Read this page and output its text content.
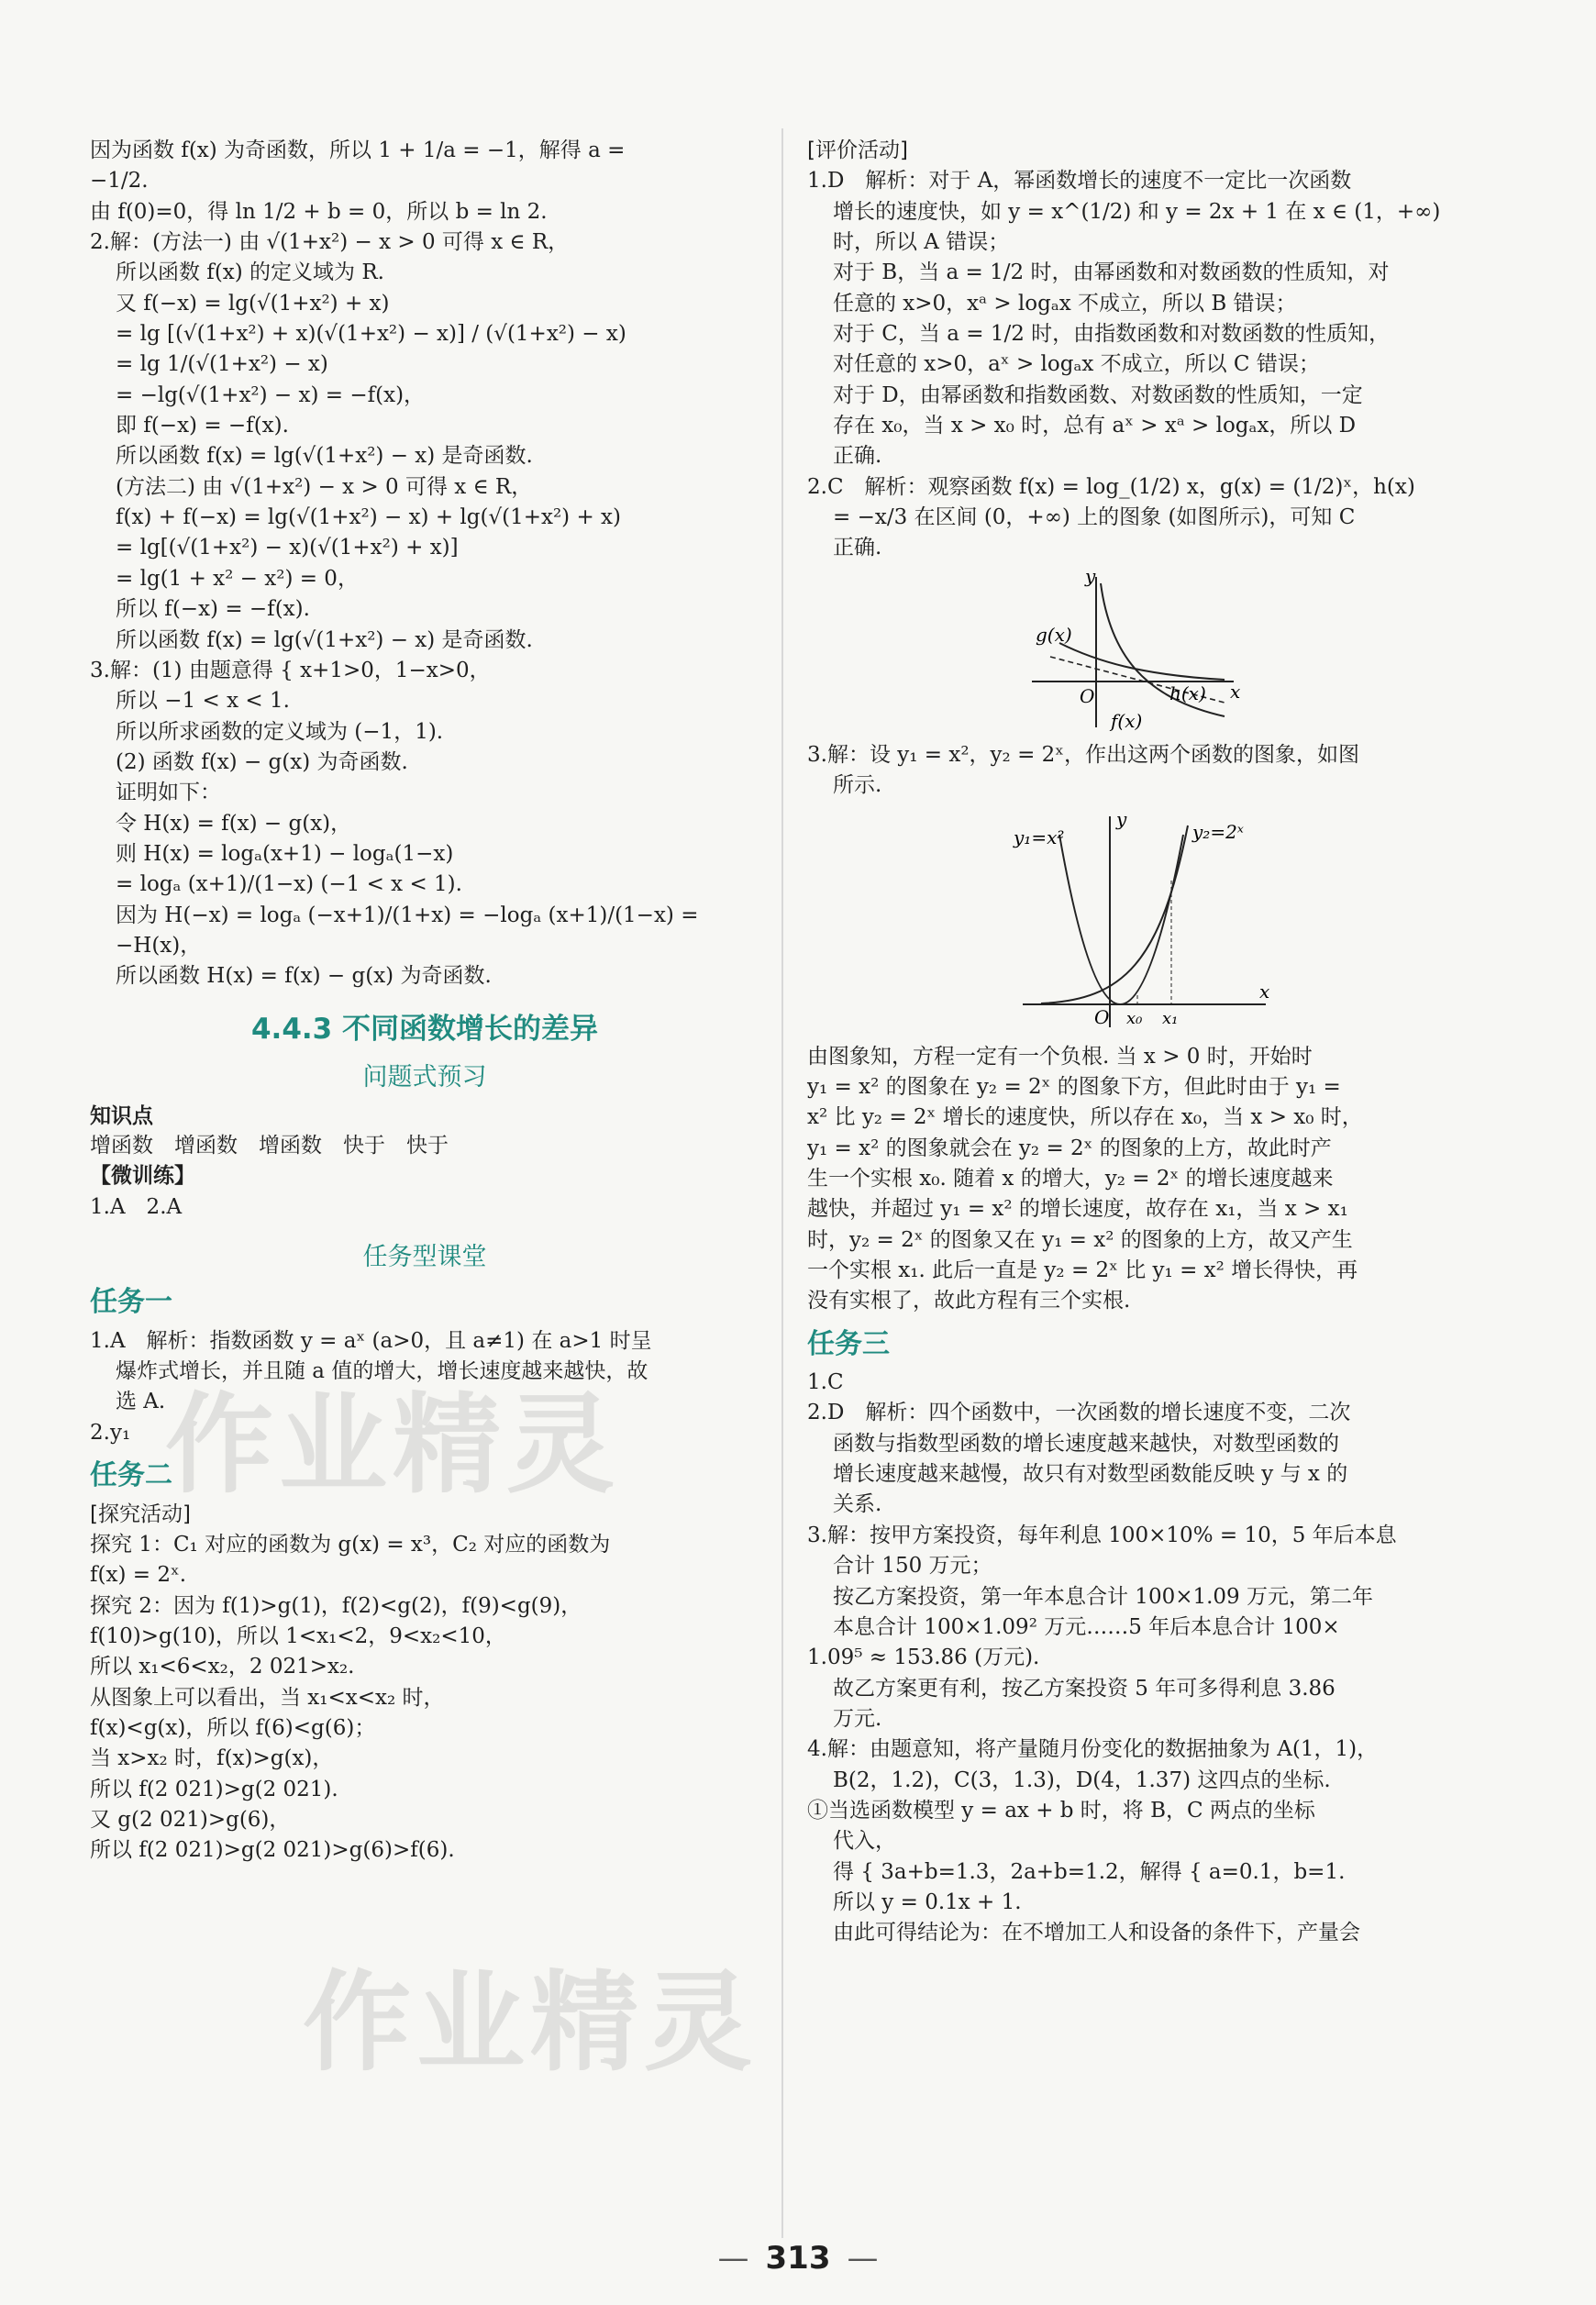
因为函数 f(x) 为奇函数，所以 1 + 1/a = −1，解得 a =

−1/2.

由 f(0)=0，得 ln 1/2 + b = 0，所以 b = ln 2.

2.解：(方法一) 由 √(1+x²) − x > 0 可得 x ∈ R，

所以函数 f(x) 的定义域为 R.

又 f(−x) = lg(√(1+x²) + x)

= lg [(√(1+x²) + x)(√(1+x²) − x)] / (√(1+x²) − x)

= lg 1/(√(1+x²) − x)

= −lg(√(1+x²) − x) = −f(x)，

即 f(−x) = −f(x).

所以函数 f(x) = lg(√(1+x²) − x) 是奇函数.

(方法二) 由 √(1+x²) − x > 0 可得 x ∈ R，

f(x) + f(−x) = lg(√(1+x²) − x) + lg(√(1+x²) + x)

= lg[(√(1+x²) − x)(√(1+x²) + x)]

= lg(1 + x² − x²) = 0，

所以 f(−x) = −f(x).

所以函数 f(x) = lg(√(1+x²) − x) 是奇函数.

3.解：(1) 由题意得 { x+1>0，1−x>0，

所以 −1 < x < 1.

所以所求函数的定义域为 (−1，1).

(2) 函数 f(x) − g(x) 为奇函数.

证明如下：

令 H(x) = f(x) − g(x)，

则 H(x) = logₐ(x+1) − logₐ(1−x)

= logₐ (x+1)/(1−x) (−1 < x < 1).

因为 H(−x) = logₐ (−x+1)/(1+x) = −logₐ (x+1)/(1−x) = −H(x)，

所以函数 H(x) = f(x) − g(x) 为奇函数.

4.4.3 不同函数增长的差异
问题式预习

知识点

增函数　增函数　增函数　快于　快于

【微训练】

1.A　2.A

任务型课堂
任务一

1.A　解析：指数函数 y = aˣ (a>0，且 a≠1) 在 a>1 时呈

爆炸式增长，并且随 a 值的增大，增长速度越来越快，故

选 A.

2.y₁

任务二

[探究活动]

探究 1：C₁ 对应的函数为 g(x) = x³，C₂ 对应的函数为

f(x) = 2ˣ.

探究 2：因为 f(1)>g(1)，f(2)<g(2)，f(9)<g(9)，

f(10)>g(10)，所以 1<x₁<2，9<x₂<10，

所以 x₁<6<x₂，2 021>x₂.

从图象上可以看出，当 x₁<x<x₂ 时，

f(x)<g(x)，所以 f(6)<g(6)；

当 x>x₂ 时，f(x)>g(x)，

所以 f(2 021)>g(2 021).

又 g(2 021)>g(6)，

所以 f(2 021)>g(2 021)>g(6)>f(6).

[评价活动]

1.D　解析：对于 A，幂函数增长的速度不一定比一次函数

增长的速度快，如 y = x^(1/2) 和 y = 2x + 1 在 x ∈ (1，+∞)

时，所以 A 错误；

对于 B，当 a = 1/2 时，由幂函数和对数函数的性质知，对

任意的 x>0，xᵃ > logₐx 不成立，所以 B 错误；

对于 C，当 a = 1/2 时，由指数函数和对数函数的性质知，

对任意的 x>0，aˣ > logₐx 不成立，所以 C 错误；

对于 D，由幂函数和指数函数、对数函数的性质知，一定

存在 x₀，当 x > x₀ 时，总有 aˣ > xᵃ > logₐx，所以 D

正确.

2.C　解析：观察函数 f(x) = log_(1/2) x，g(x) = (1/2)ˣ，h(x)

= −x/3 在区间 (0，+∞) 上的图象 (如图所示)，可知 C

正确.

g(x)
O	h(x) x
y
f(x)

3.解：设 y₁ = x²，y₂ = 2ˣ，作出这两个函数的图象，如图

所示.

y₁=x²	y₂=2ˣ
y
O x₀ x₁
x

由图象知，方程一定有一个负根. 当 x > 0 时，开始时

y₁ = x² 的图象在 y₂ = 2ˣ 的图象下方，但此时由于 y₁ =

x² 比 y₂ = 2ˣ 增长的速度快，所以存在 x₀，当 x > x₀ 时，

y₁ = x² 的图象就会在 y₂ = 2ˣ 的图象的上方，故此时产

生一个实根 x₀. 随着 x 的增大，y₂ = 2ˣ 的增长速度越来

越快，并超过 y₁ = x² 的增长速度，故存在 x₁，当 x > x₁

时，y₂ = 2ˣ 的图象又在 y₁ = x² 的图象的上方，故又产生

一个实根 x₁. 此后一直是 y₂ = 2ˣ 比 y₁ = x² 增长得快，再

没有实根了，故此方程有三个实根.

任务三

1.C

2.D　解析：四个函数中，一次函数的增长速度不变，二次

函数与指数型函数的增长速度越来越快，对数型函数的

增长速度越来越慢，故只有对数型函数能反映 y 与 x 的

关系.

3.解：按甲方案投资，每年利息 100×10% = 10，5 年后本息

合计 150 万元；

按乙方案投资，第一年本息合计 100×1.09 万元，第二年

本息合计 100×1.09² 万元……5 年后本息合计 100×

1.09⁵ ≈ 153.86 (万元).

故乙方案更有利，按乙方案投资 5 年可多得利息 3.86

万元.

4.解：由题意知，将产量随月份变化的数据抽象为 A(1，1)，

B(2，1.2)，C(3，1.3)，D(4，1.37) 这四点的坐标.

①当选函数模型 y = ax + b 时，将 B，C 两点的坐标

代入，

得 { 3a+b=1.3，2a+b=1.2，解得 { a=0.1，b=1.

所以 y = 0.1x + 1.

由此可得结论为：在不增加工人和设备的条件下，产量会

作业精灵
作业精灵
— 313 —
